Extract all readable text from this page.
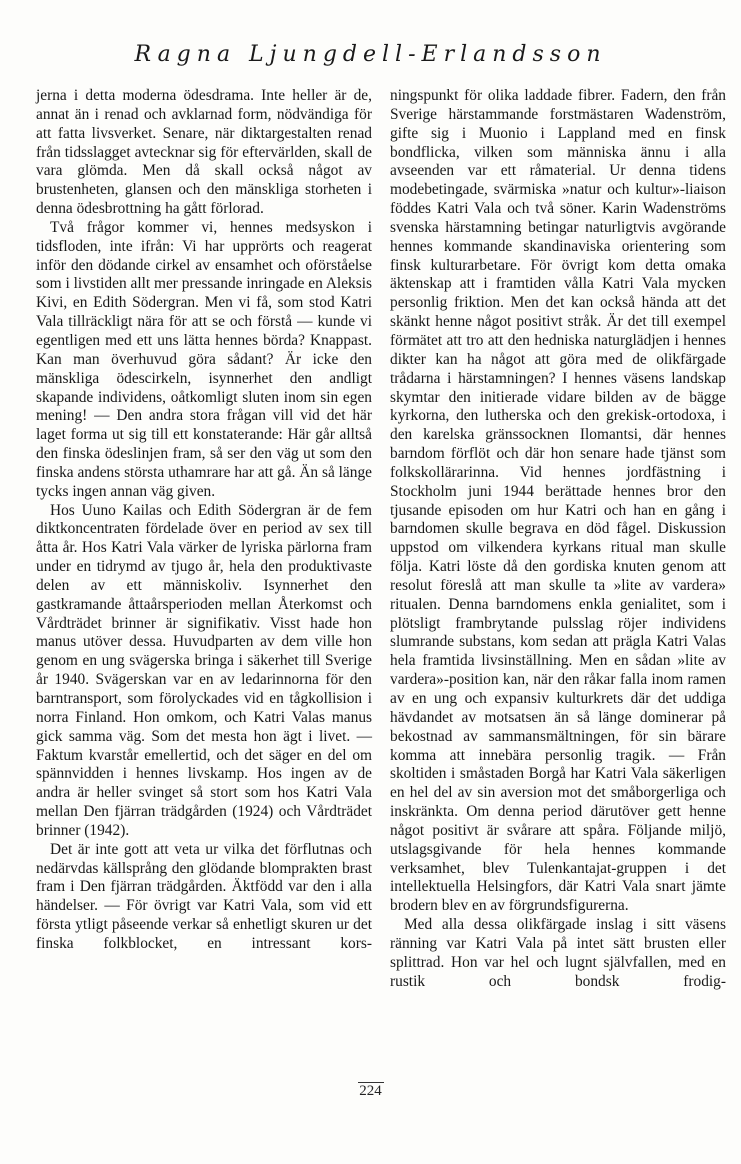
Ragna Ljungdell-Erlandsson

jerna i detta moderna ödesdrama. Inte heller är de, annat än i renad och avklarnad form, nödvändiga för att fatta livsverket. Senare, när diktargestalten renad från tidsslagget avtecknar sig för eftervärlden, skall de vara glömda. Men då skall också något av brustenheten, glansen och den mänskliga storheten i denna ödesbrottning ha gått förlorad.

Två frågor kommer vi, hennes medsyskon i tidsfloden, inte ifrån: Vi har upprörts och reagerat inför den dödande cirkel av ensamhet och oförståelse som i livstiden allt mer pressande inringade en Aleksis Kivi, en Edith Södergran. Men vi få, som stod Katri Vala tillräckligt nära för att se och förstå — kunde vi egentligen med ett uns lätta hennes börda? Knappast. Kan man överhuvud göra sådant? Är icke den mänskliga ödescirkeln, isynnerhet den andligt skapande individens, oåtkomligt sluten inom sin egen mening! — Den andra stora frågan vill vid det här laget forma ut sig till ett konstaterande: Här går alltså den finska ödeslinjen fram, så ser den väg ut som den finska andens största uthamrare har att gå. Än så länge tycks ingen annan väg given.

Hos Uuno Kailas och Edith Södergran är de fem diktkoncentraten fördelade över en period av sex till åtta år. Hos Katri Vala värker de lyriska pärlorna fram under en tidrymd av tjugo år, hela den produktivaste delen av ett människoliv. Isynnerhet den gastkramande åttaårsperioden mellan Återkomst och Vårdträdet brinner är signifikativ. Visst hade hon manus utöver dessa. Huvudparten av dem ville hon genom en ung svägerska bringa i säkerhet till Sverige år 1940. Svägerskan var en av ledarinnorna för den barntransport, som förolyckades vid en tågkollision i norra Finland. Hon omkom, och Katri Valas manus gick samma väg. Som det mesta hon ägt i livet. — Faktum kvarstår emellertid, och det säger en del om spännvidden i hennes livskamp. Hos ingen av de andra är heller svinget så stort som hos Katri Vala mellan Den fjärran trädgården (1924) och Vårdträdet brinner (1942).

Det är inte gott att veta ur vilka det förflutnas och nedärvdas källsprång den glödande blomprakten brast fram i Den fjärran trädgården. Äktfödd var den i alla händelser. — För övrigt var Katri Vala, som vid ett första ytligt påseende verkar så enhetligt skuren ur det finska folkblocket, en intressant kors-

ningspunkt för olika laddade fibrer. Fadern, den från Sverige härstammande forstmästaren Wadenström, gifte sig i Muonio i Lappland med en finsk bondflicka, vilken som människa ännu i alla avseenden var ett råmaterial. Ur denna tidens modebetingade, svärmiska »natur och kultur»-liaison föddes Katri Vala och två söner. Karin Wadenströms svenska härstamning betingar naturligtvis avgörande hennes kommande skandinaviska orientering som finsk kulturarbetare. För övrigt kom detta omaka äktenskap att i framtiden vålla Katri Vala mycken personlig friktion. Men det kan också hända att det skänkt henne något positivt stråk. Är det till exempel förmätet att tro att den hedniska naturglädjen i hennes dikter kan ha något att göra med de olikfärgade trådarna i härstamningen? I hennes väsens landskap skymtar den initierade vidare bilden av de bägge kyrkorna, den lutherska och den grekisk-ortodoxa, i den karelska gränssocknen Ilomantsi, där hennes barndom förflöt och där hon senare hade tjänst som folkskollärarinna. Vid hennes jordfästning i Stockholm juni 1944 berättade hennes bror den tjusande episoden om hur Katri och han en gång i barndomen skulle begrava en död fågel. Diskussion uppstod om vilkendera kyrkans ritual man skulle följa. Katri löste då den gordiska knuten genom att resolut föreslå att man skulle ta »lite av vardera» ritualen. Denna barndomens enkla genialitet, som i plötsligt frambrytande pulsslag röjer individens slumrande substans, kom sedan att prägla Katri Valas hela framtida livsinställning. Men en sådan »lite av vardera»-position kan, när den råkar falla inom ramen av en ung och expansiv kulturkrets där det uddiga hävdandet av motsatsen än så länge dominerar på bekostnad av sammansmältningen, för sin bärare komma att innebära personlig tragik. — Från skoltiden i småstaden Borgå har Katri Vala säkerligen en hel del av sin aversion mot det småborgerliga och inskränkta. Om denna period därutöver gett henne något positivt är svårare att spåra. Följande miljö, utslagsgivande för hela hennes kommande verksamhet, blev Tulenkantajat-gruppen i det intellektuella Helsingfors, där Katri Vala snart jämte brodern blev en av förgrundsfigurerna.

Med alla dessa olikfärgade inslag i sitt väsens ränning var Katri Vala på intet sätt brusten eller splittrad. Hon var hel och lugnt självfallen, med en rustik och bondsk frodig-

224
